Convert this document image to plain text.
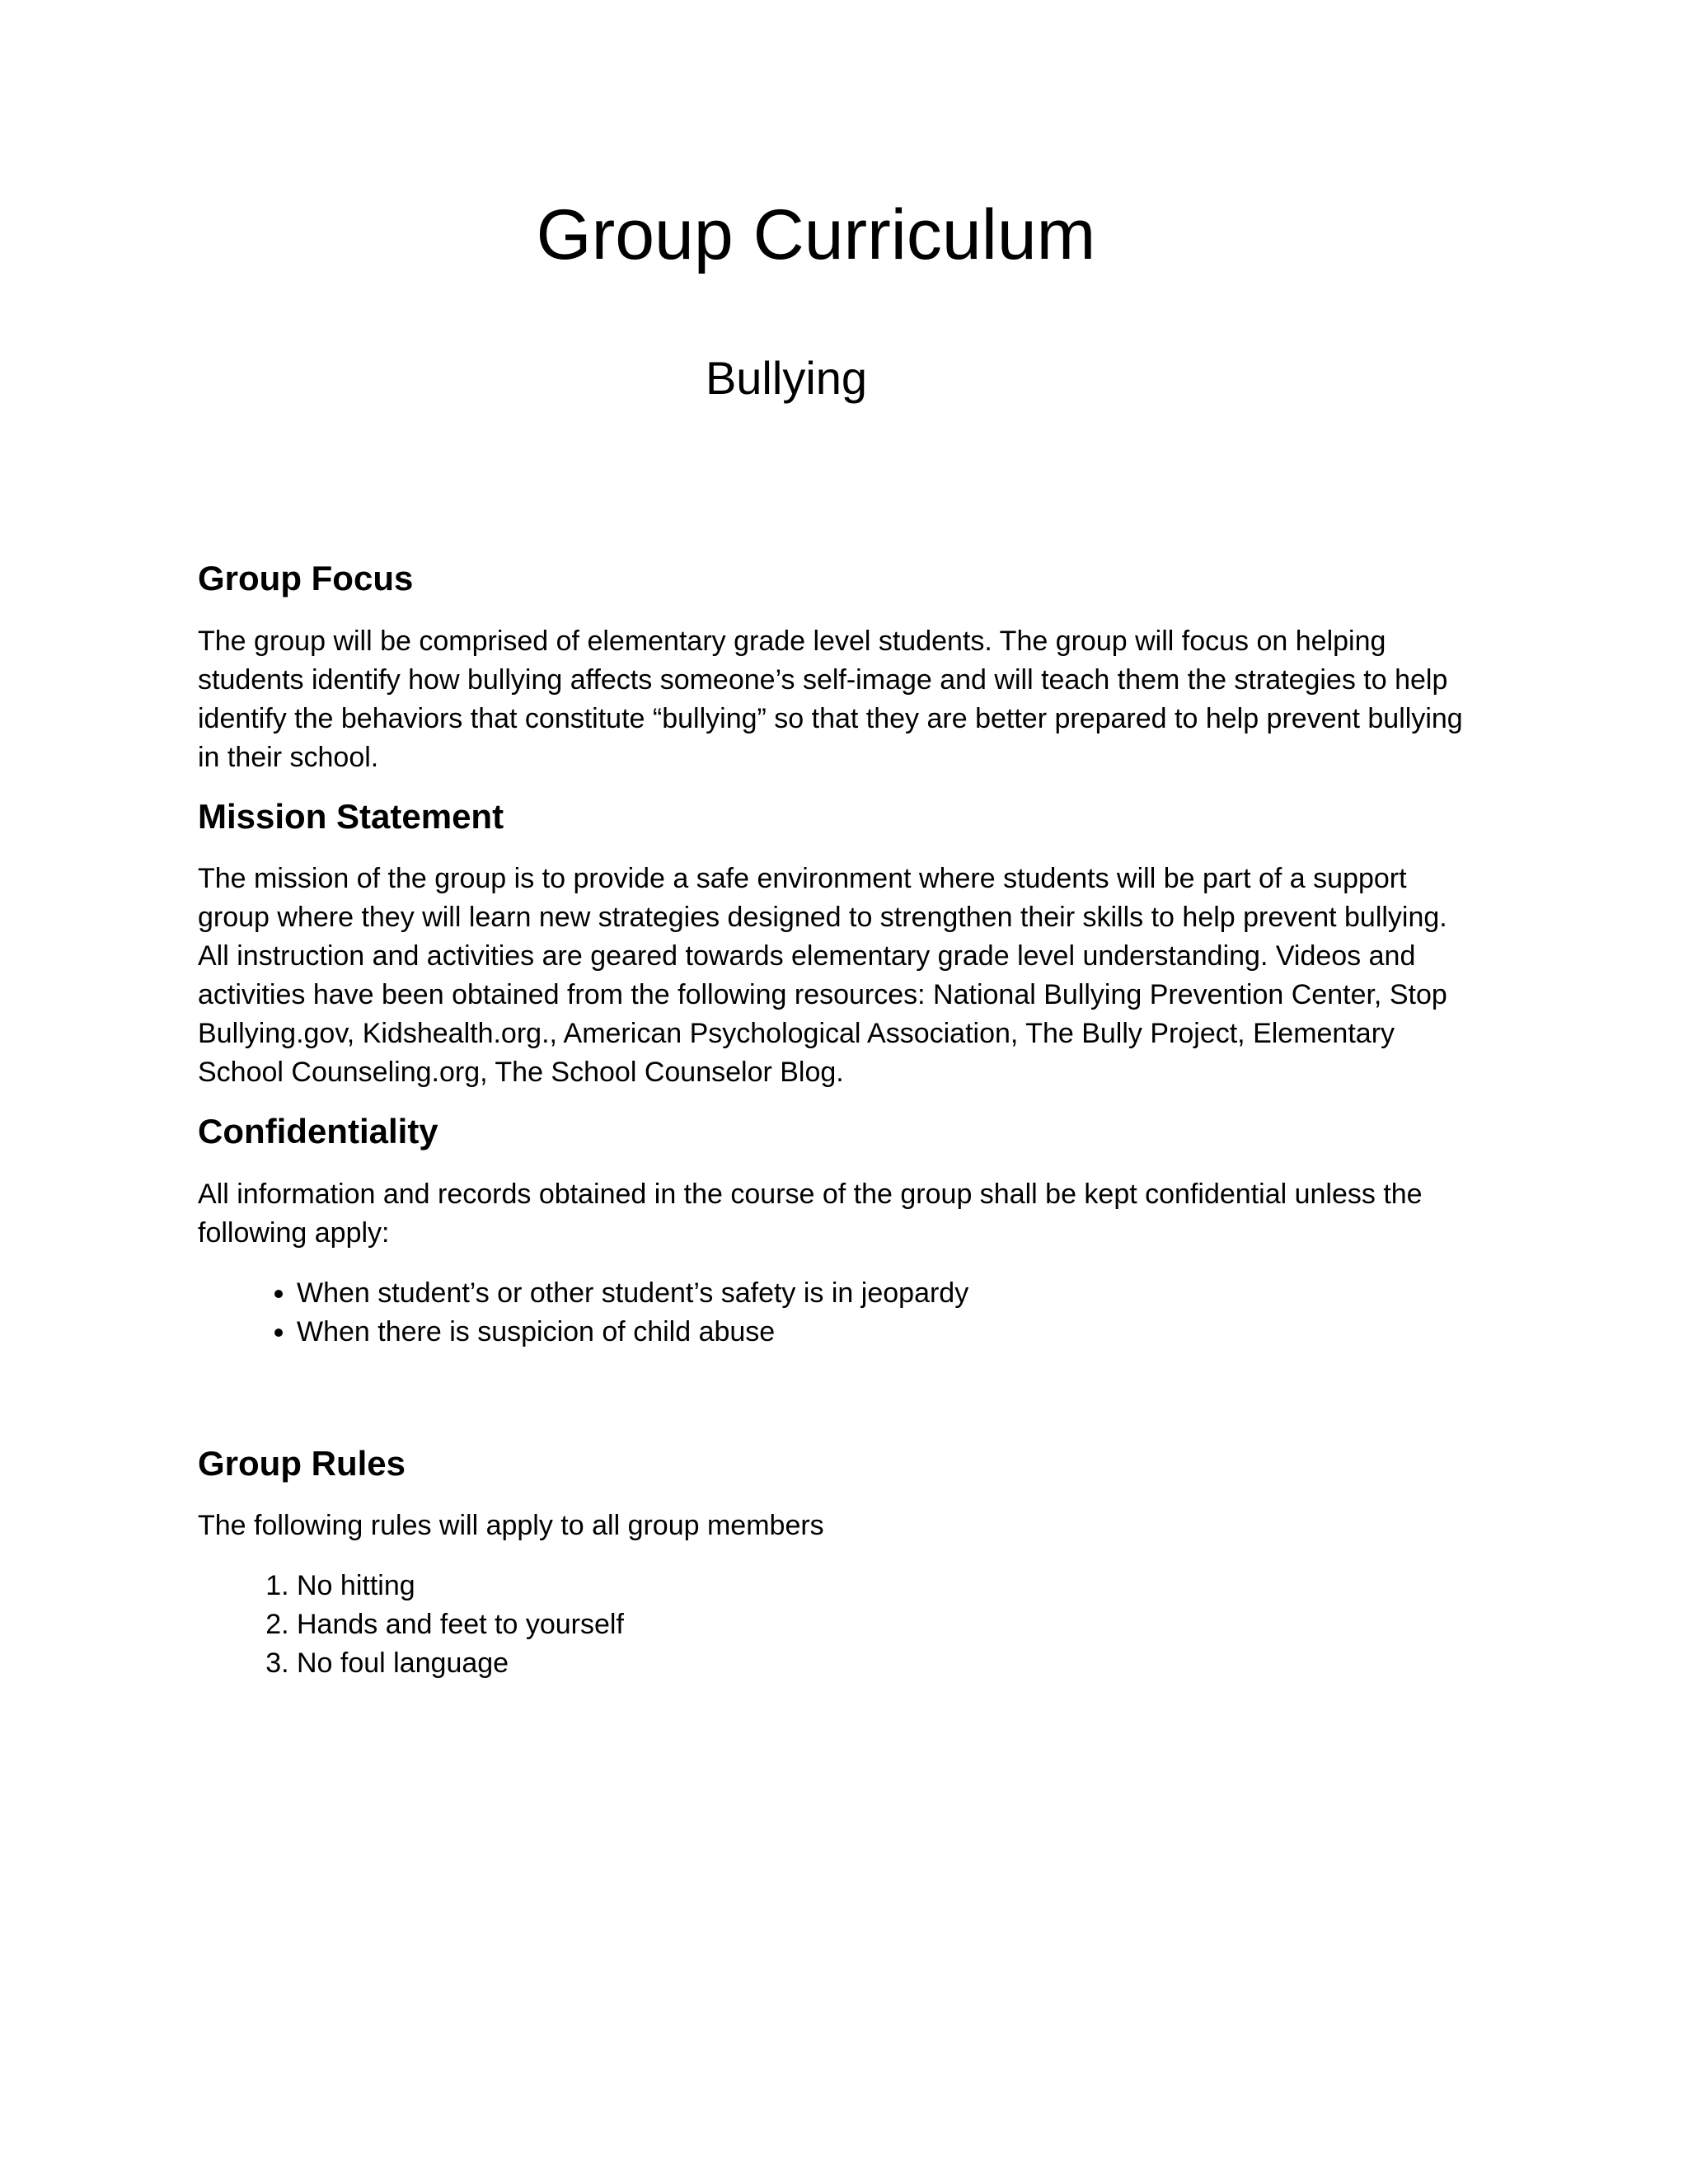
Group Curriculum
Bullying
Group Focus

The group will be comprised of elementary grade level students. The group will focus on helping students identify how bullying affects someone’s self-image and will teach them the strategies to help identify the behaviors that constitute “bullying” so that they are better prepared to help prevent bullying in their school.

Mission Statement

The mission of the group is to provide a safe environment where students will be part of a support group where they will learn new strategies designed to strengthen their skills to help prevent bullying. All instruction and activities are geared towards elementary grade level understanding. Videos and activities have been obtained from the following resources: National Bullying Prevention Center, Stop Bullying.gov, Kidshealth.org., American Psychological Association, The Bully Project, Elementary School Counseling.org, The School Counselor Blog.

Confidentiality

All information and records obtained in the course of the group shall be kept confidential unless the following apply:

• When student’s or other student’s safety is in jeopardy
• When there is suspicion of child abuse
Group Rules

The following rules will apply to all group members

1. No hitting
2. Hands and feet to yourself
3. No foul language
